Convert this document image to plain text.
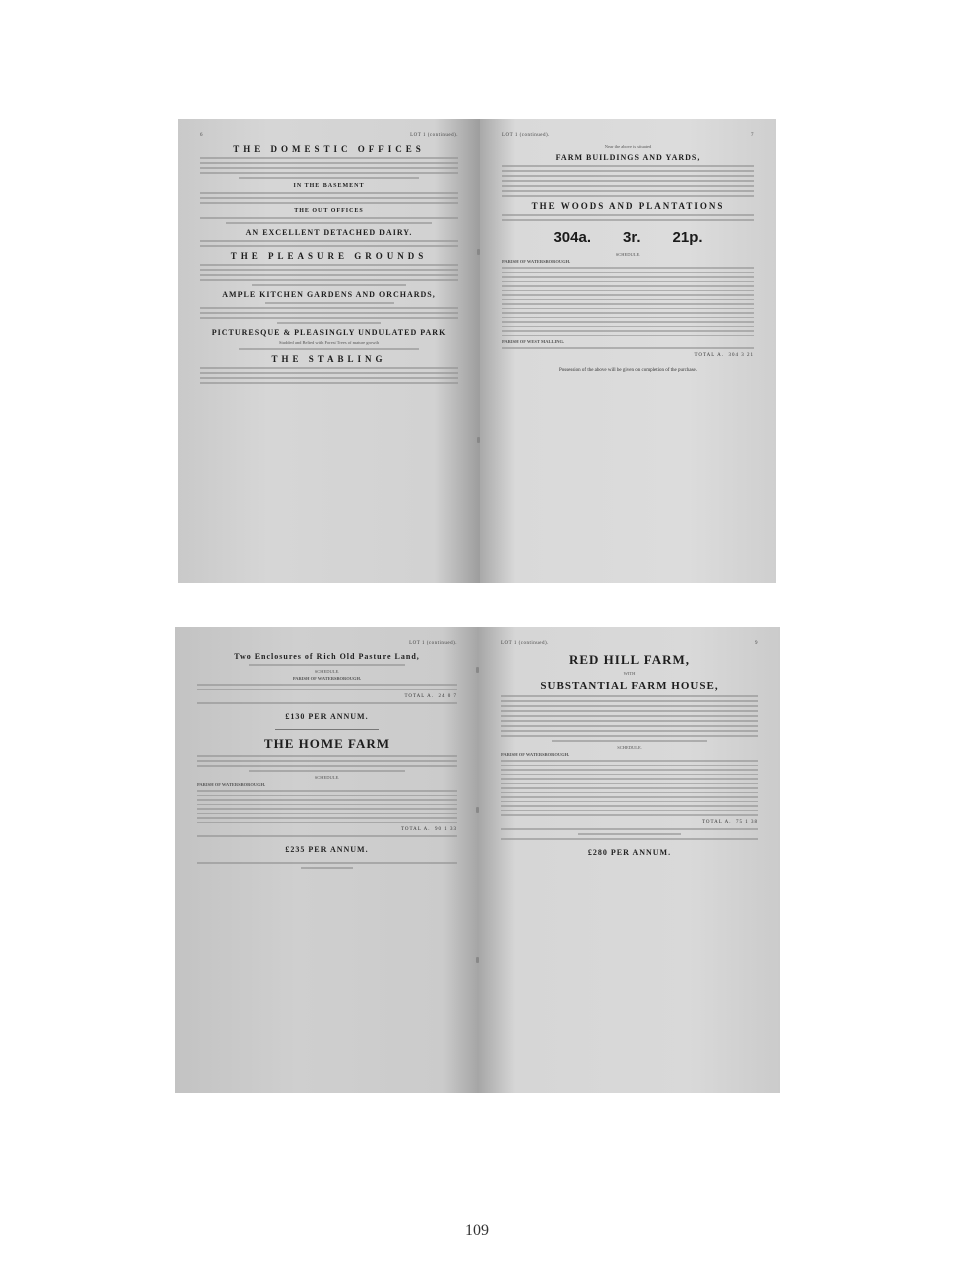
6	LOT 1 (continued).
THE DOMESTIC OFFICES
IN THE BASEMENT
THE OUT OFFICES
AN EXCELLENT DETACHED DAIRY.
THE PLEASURE GROUNDS
AMPLE KITCHEN GARDENS AND ORCHARDS,
PICTURESQUE & PLEASINGLY UNDULATED PARK
Studded and Belted with Forest Trees of mature growth
THE STABLING
LOT 1 (continued).	7
Near the above is situated
FARM BUILDINGS AND YARDS,
THE WOODS AND PLANTATIONS
304a. 3r. 21p.
SCHEDULE.
PARISH OF WATERSBOROUGH.
PARISH OF WEST MALLING.
TOTAL A. 304 3 21
Possession of the above will be given on completion of the purchase.
LOT 1 (continued).
Two Enclosures of Rich Old Pasture Land,
SCHEDULE.
PARISH OF WATERSBOROUGH.
TOTAL A. 24 0 7
£130 PER ANNUM.
THE HOME FARM
SCHEDULE.
PARISH OF WATERSBOROUGH.
TOTAL A. 90 1 33
£235 PER ANNUM.
LOT 1 (continued).	9
RED HILL FARM,
WITH
SUBSTANTIAL FARM HOUSE,
SCHEDULE.
PARISH OF WATERSBOROUGH.
TOTAL A. 75 1 38
£280 PER ANNUM.
109
